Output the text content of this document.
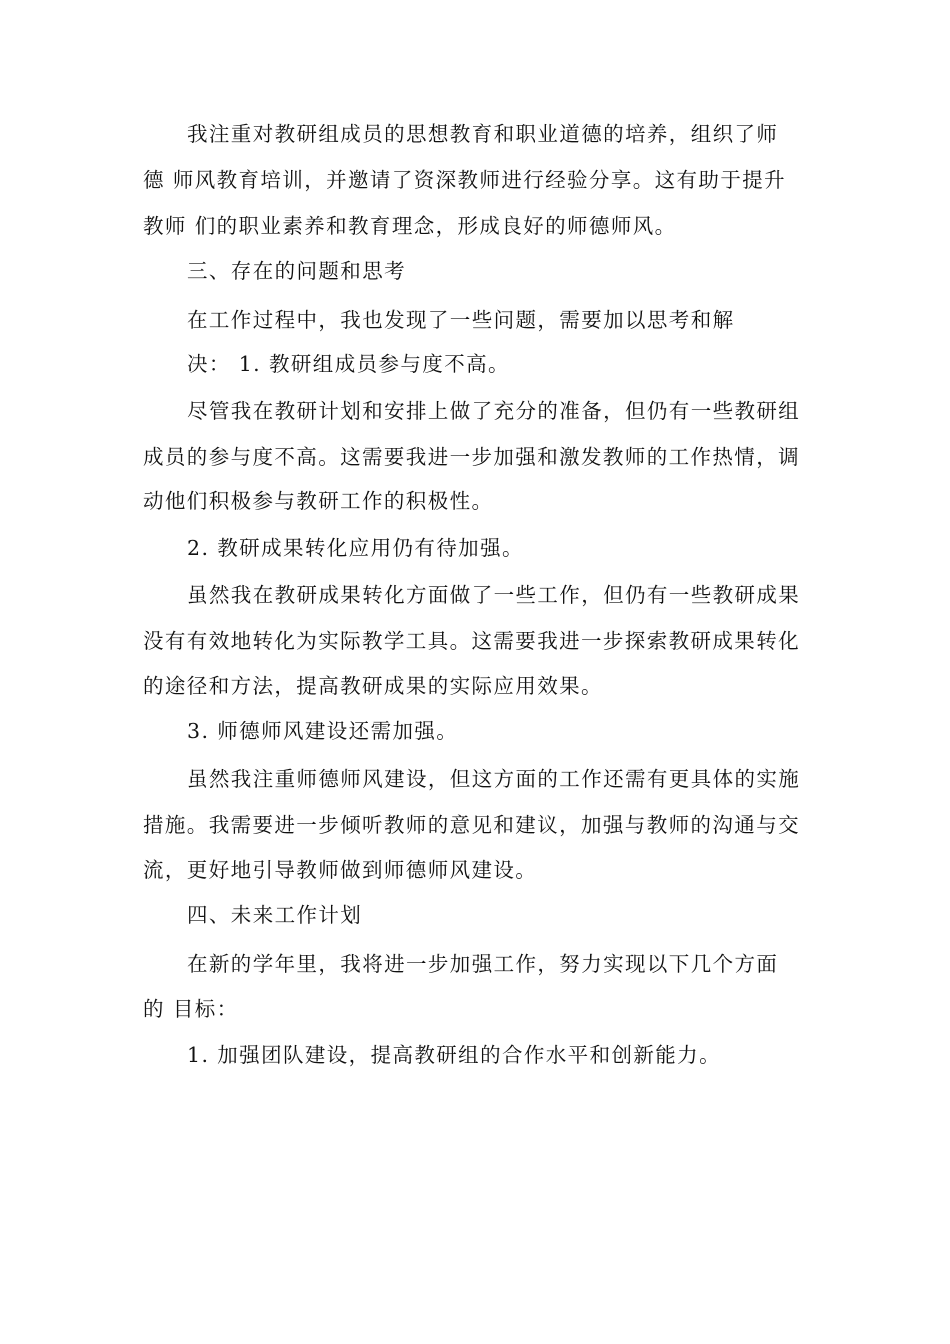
我注重对教研组成员的思想教育和职业道德的培养，组织了师
德 师风教育培训，并邀请了资深教师进行经验分享。这有助于提升
教师 们的职业素养和教育理念，形成良好的师德师风。
三、存在的问题和思考
在工作过程中，我也发现了一些问题，需要加以思考和解
决： 1. 教研组成员参与度不高。
尽管我在教研计划和安排上做了充分的准备，但仍有一些教研组
成员的参与度不高。这需要我进一步加强和激发教师的工作热情，调
动他们积极参与教研工作的积极性。
2. 教研成果转化应用仍有待加强。
虽然我在教研成果转化方面做了一些工作，但仍有一些教研成果
没有有效地转化为实际教学工具。这需要我进一步探索教研成果转化
的途径和方法，提高教研成果的实际应用效果。
3. 师德师风建设还需加强。
虽然我注重师德师风建设，但这方面的工作还需有更具体的实施
措施。我需要进一步倾听教师的意见和建议，加强与教师的沟通与交
流，更好地引导教师做到师德师风建设。
四、未来工作计划
在新的学年里，我将进一步加强工作，努力实现以下几个方面
的 目标：
1. 加强团队建设，提高教研组的合作水平和创新能力。
